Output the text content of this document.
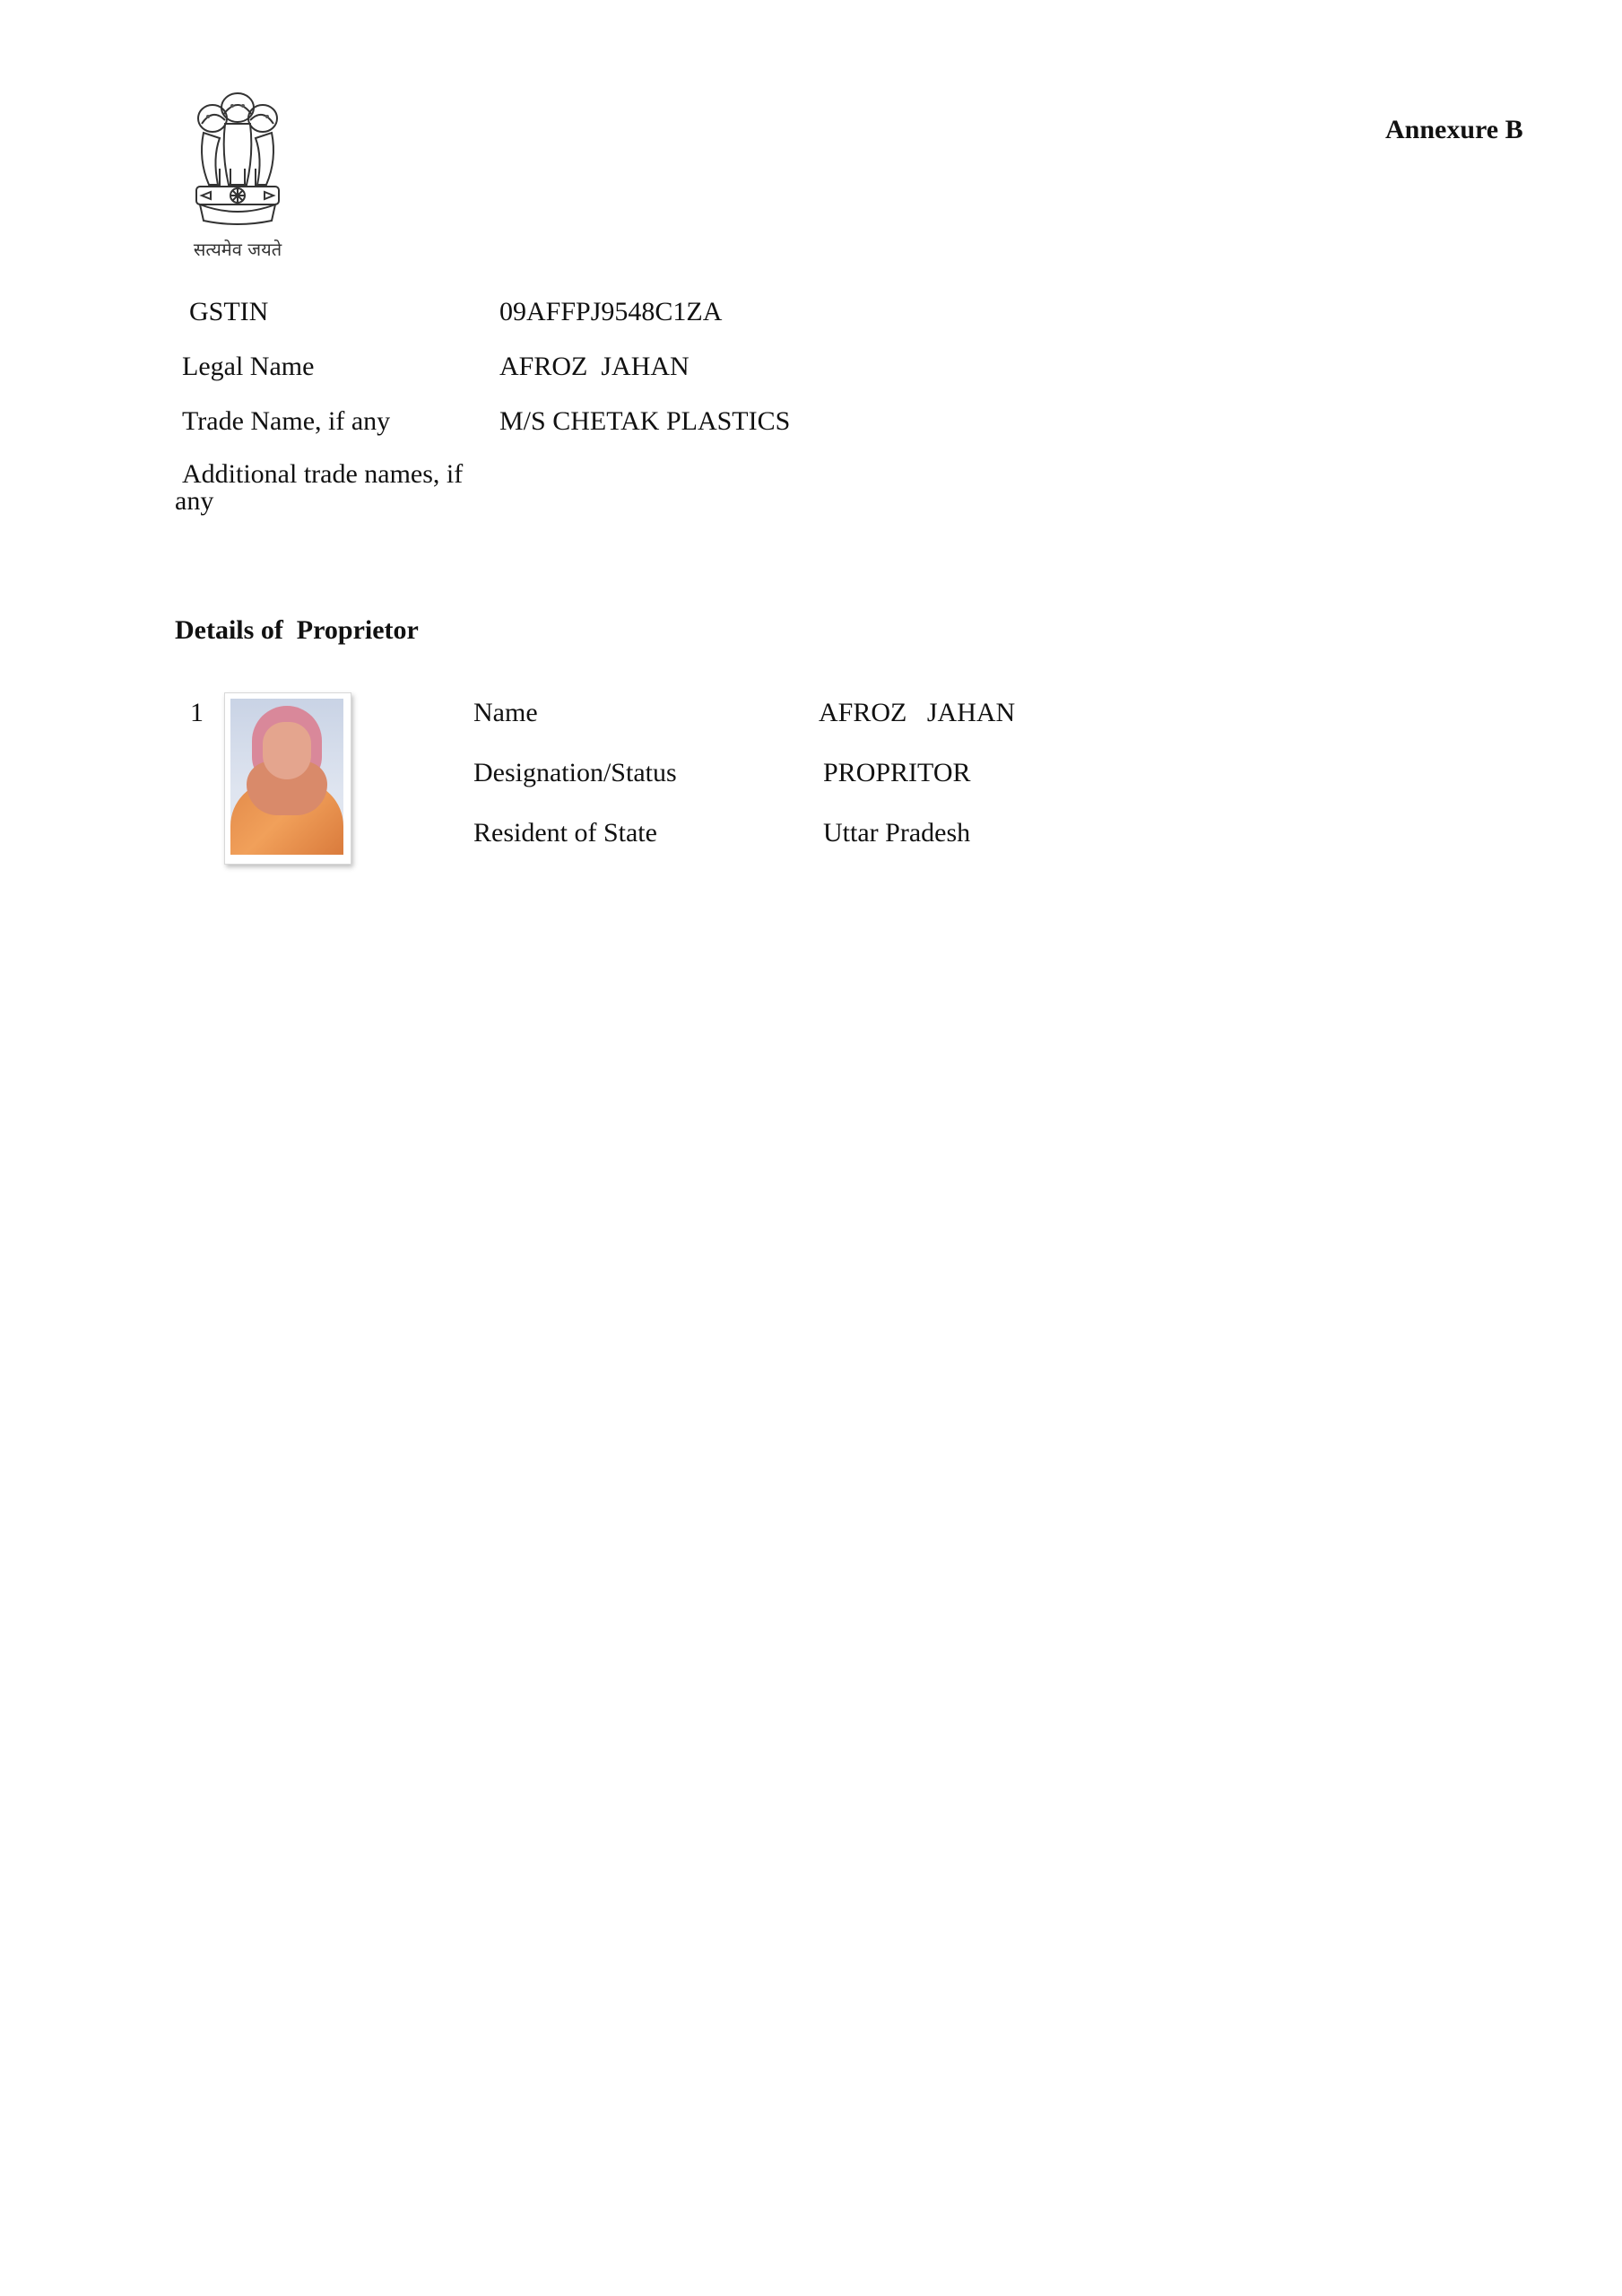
सत्यमेव जयते
Annexure B
GSTIN	09AFFPJ9548C1ZA
Legal Name	AFROZ  JAHAN
Trade Name, if any	M/S CHETAK PLASTICS
Additional trade names, if
any
Details of  Proprietor
1	Name	AFROZ   JAHAN
Designation/Status	PROPRITOR
Resident of State	Uttar Pradesh
